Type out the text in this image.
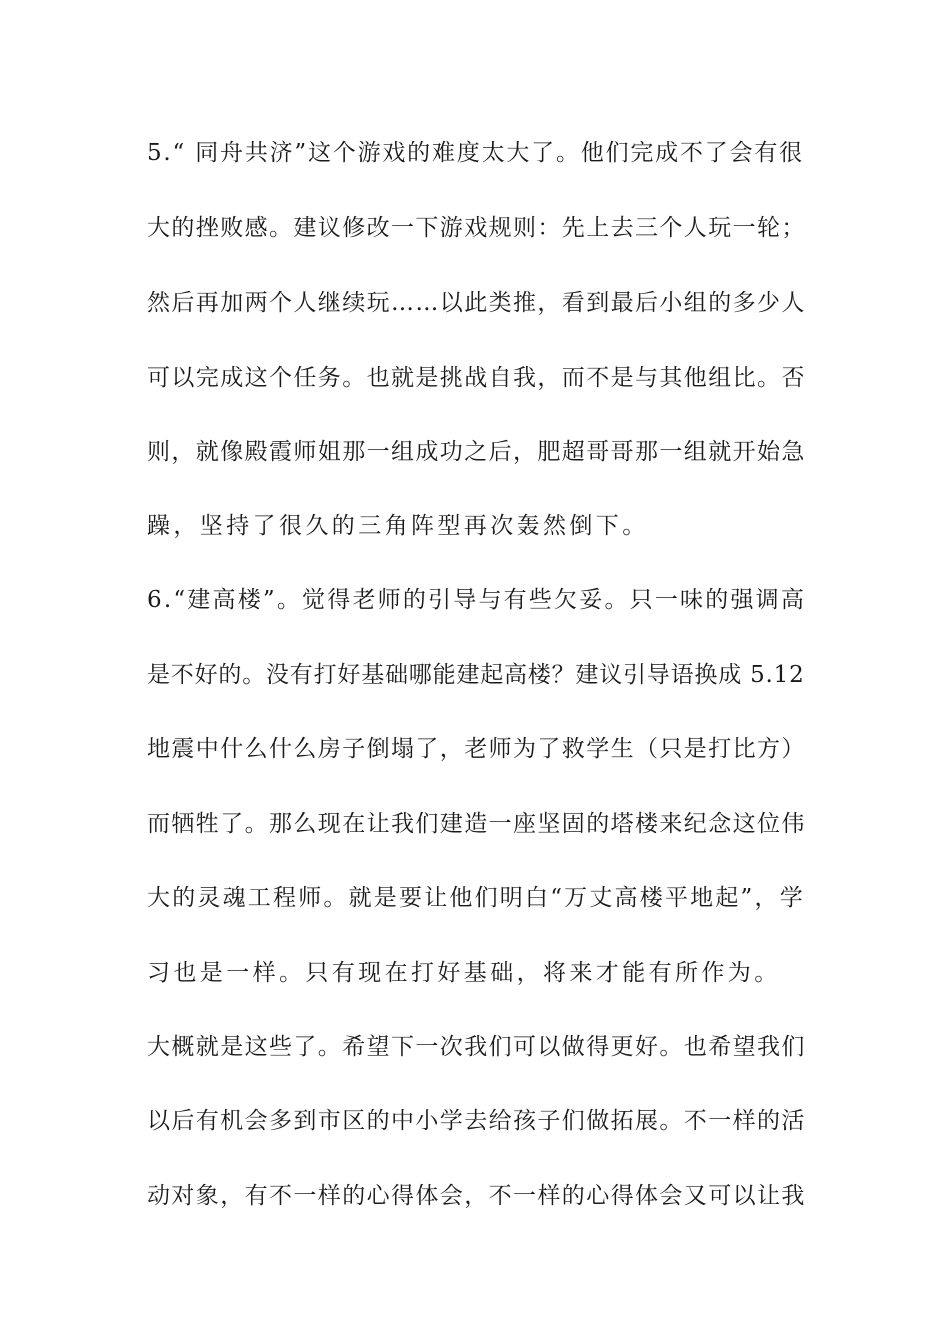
5.“ 同舟共济”这个游戏的难度太大了。他们完成不了会有很
大的挫败感。建议修改一下游戏规则：先上去三个人玩一轮；
然后再加两个人继续玩……以此类推，看到最后小组的多少人
可以完成这个任务。也就是挑战自我，而不是与其他组比。否
则，就像殿霞师姐那一组成功之后，肥超哥哥那一组就开始急
躁，坚持了很久的三角阵型再次轰然倒下。
6.“建高楼”。觉得老师的引导与有些欠妥。只一味的强调高
是不好的。没有打好基础哪能建起高楼？建议引导语换成 5.12
地震中什么什么房子倒塌了，老师为了救学生（只是打比方）
而牺牲了。那么现在让我们建造一座坚固的塔楼来纪念这位伟
大的灵魂工程师。就是要让他们明白“万丈高楼平地起”，学
习也是一样。只有现在打好基础，将来才能有所作为。
大概就是这些了。希望下一次我们可以做得更好。也希望我们
以后有机会多到市区的中小学去给孩子们做拓展。不一样的活
动对象，有不一样的心得体会，不一样的心得体会又可以让我
